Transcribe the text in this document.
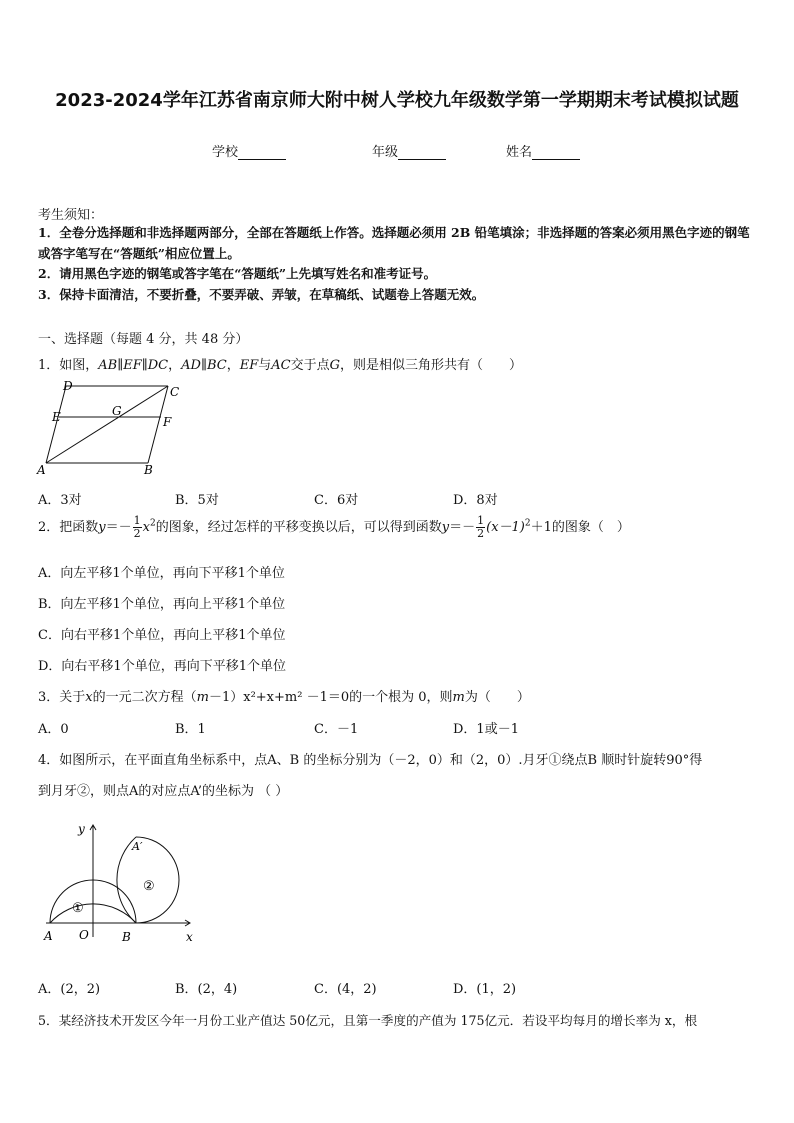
2023-2024学年江苏省南京师大附中树人学校九年级数学第一学期期末考试模拟试题
学校	年级	姓名
考生须知：
1．全卷分选择题和非选择题两部分，全部在答题纸上作答。选择题必须用 2B 铅笔填涂；非选择题的答案必须用黑色字迹的钢笔或答字笔写在“答题纸”相应位置上。
2．请用黑色字迹的钢笔或答字笔在“答题纸”上先填写姓名和准考证号。
3．保持卡面清洁，不要折叠，不要弄破、弄皱，在草稿纸、试题卷上答题无效。
一、选择题（每题 4 分，共 48 分）
1．如图，AB∥EF∥DC，AD∥BC，EF与AC交于点G，则是相似三角形共有（　　）
D	C
E	G
F
A	B
A．3对	B．5对	C．6对	D．8对
2．把函数$y=- \frac{1}{2} x^2$的图象，经过怎样的平移变换以后，可以得到函数$y=- \frac{1}{2} (x-1)^2+1$的图象（　）
A．向左平移1个单位，再向下平移1个单位
B．向左平移1个单位，再向上平移1个单位
C．向右平移1个单位，再向上平移1个单位
D．向右平移1个单位，再向下平移1个单位
3．关于x的一元二次方程（m－1）x²+x+m² －1＝0的一个根为 0，则m为（　　）
A．0	B．1	C．－1	D．1或－1
4．如图所示，在平面直角坐标系中，点A、B 的坐标分别为（－2，0）和（2，0）.月牙①绕点B 顺时针旋转90°得
到月牙②，则点A的对应点A’的坐标为 （ ）
y
A′
②
①
A O	B	x
A．(2，2)	B．(2，4)	C．(4，2)	D．(1，2)
5．某经济技术开发区今年一月份工业产值达 50亿元，且第一季度的产值为 175亿元．若设平均每月的增长率为 x，根
